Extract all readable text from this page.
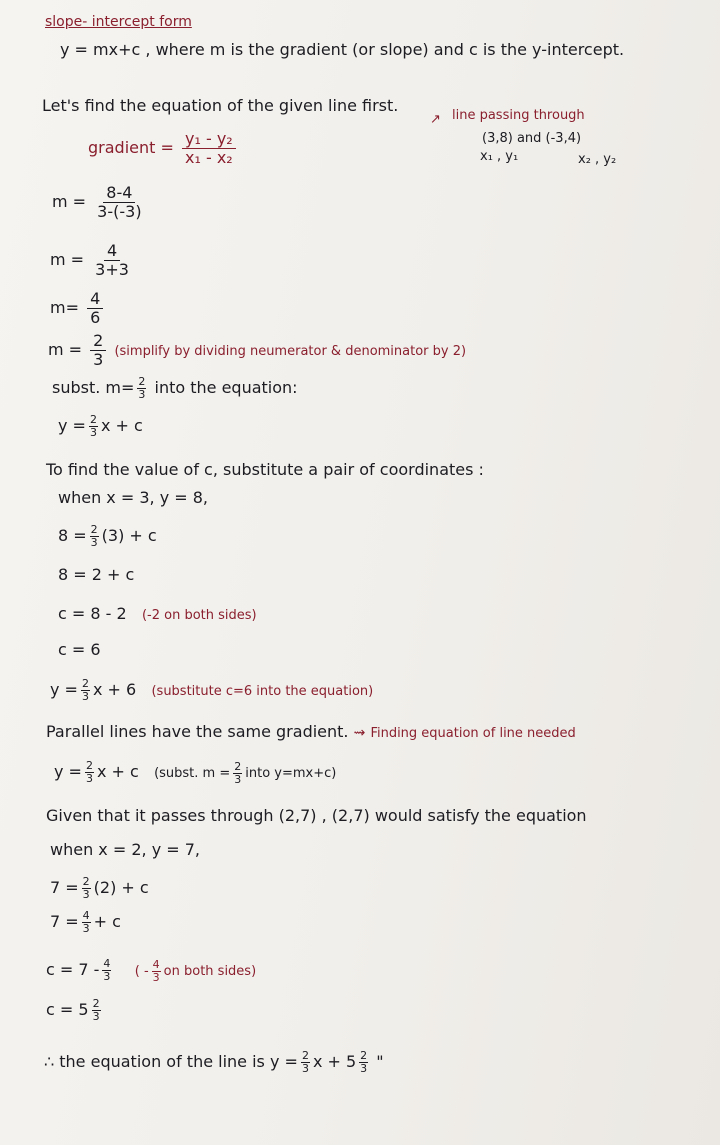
slope- intercept form
y = mx+c , where m is the gradient (or slope) and c is the y-intercept.
Let's find the equation of the given line first.
↗ line passing through
(3,8) and (-3,4)
x₁ , y₁	x₂ , y₂
gradient = $\frac{\text{y₁ - y₂}}{\text{x₁ - x₂}}$
$m = \frac{8-4}{3-(-3)}$
$m = \frac{4}{3+3}$
$m= \frac{4}{6}$
$m = \frac{2}{3}$ (simplify by dividing neumerator & denominator by 2)
subst. $m= \frac{2}{3}$ into the equation:
$y = \frac{2}{3}$ x + c
To find the value of c, substitute a pair of coordinates :
when x = 3, y = 8,
$8 = \frac{2}{3} (3) + c$
8 = 2 + c
c = 8 - 2 (-2 on both sides)
c = 6
$y = \frac{2}{3}$ x + 6 (substitute c=6 into the equation)
Parallel lines have the same gradient. ⇝ Finding equation of line needed
$y = \frac{2}{3}$ x + c (subst. $m = \frac{2}{3}$ into y=mx+c)
Given that it passes through (2,7) , (2,7) would satisfy the equation
when x = 2, y = 7,
$7 = \frac{2}{3} (2) + c$
$7 = \frac{4}{3} + c$
$c = 7 - \frac{4}{3}$ ( - $\frac{4}{3}$ on both sides)
$c = 5 \frac{2}{3}$
∴ the equation of the line is $y = \frac{2}{3}$ $x + 5 \frac{2}{3}$ "
